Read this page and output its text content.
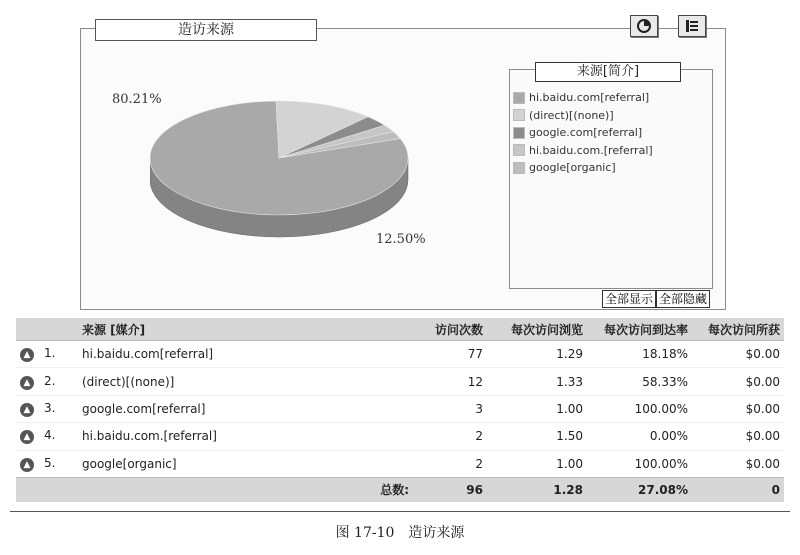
造访来源
80.21%
12.50%
来源[简介]
hi.baidu.com[referral]
(direct)[(none)]
google.com[referral]
hi.baidu.com.[referral]
google[organic]
全部显示 全部隐藏
	来源 [媒介]	访问次数	每次访问浏览	每次访问到达率	每次访问所获
▲ 1.	hi.baidu.com[referral]	77	1.29	18.18%	$0.00
▲ 2.	(direct)[(none)]	12	1.33	58.33%	$0.00
▲ 3.	google.com[referral]	3	1.00	100.00%	$0.00
▲ 4.	hi.baidu.com.[referral]	2	1.50	0.00%	$0.00
▲ 5.	google[organic]	2	1.00	100.00%	$0.00
	总数:	96	1.28	27.08%	0
图 17-10　造访来源
